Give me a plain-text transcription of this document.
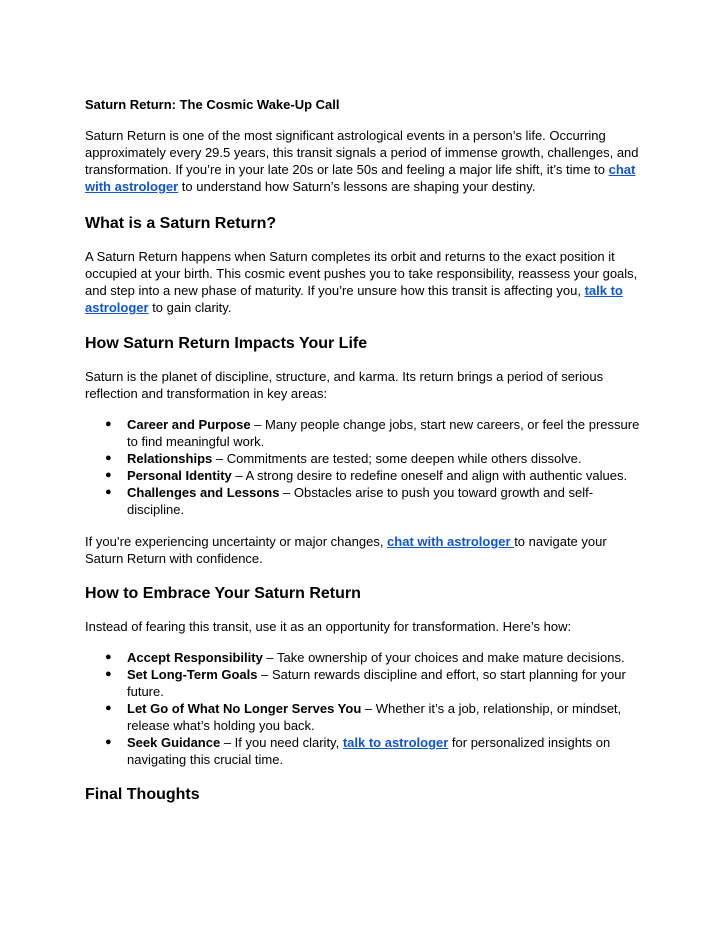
Saturn Return: The Cosmic Wake-Up Call

Saturn Return is one of the most significant astrological events in a person’s life. Occurring approximately every 29.5 years, this transit signals a period of immense growth, challenges, and transformation. If you’re in your late 20s or late 50s and feeling a major life shift, it’s time to chat with astrologer to understand how Saturn’s lessons are shaping your destiny.

What is a Saturn Return?

A Saturn Return happens when Saturn completes its orbit and returns to the exact position it occupied at your birth. This cosmic event pushes you to take responsibility, reassess your goals, and step into a new phase of maturity. If you’re unsure how this transit is affecting you, talk to astrologer to gain clarity.

How Saturn Return Impacts Your Life

Saturn is the planet of discipline, structure, and karma. Its return brings a period of serious reflection and transformation in key areas:

● Career and Purpose – Many people change jobs, start new careers, or feel the pressure to find meaningful work.
● Relationships – Commitments are tested; some deepen while others dissolve.
● Personal Identity – A strong desire to redefine oneself and align with authentic values.
● Challenges and Lessons – Obstacles arise to push you toward growth and self-discipline.

If you’re experiencing uncertainty or major changes, chat with astrologer to navigate your Saturn Return with confidence.

How to Embrace Your Saturn Return

Instead of fearing this transit, use it as an opportunity for transformation. Here’s how:

● Accept Responsibility – Take ownership of your choices and make mature decisions.
● Set Long-Term Goals – Saturn rewards discipline and effort, so start planning for your future.
● Let Go of What No Longer Serves You – Whether it’s a job, relationship, or mindset, release what’s holding you back.
● Seek Guidance – If you need clarity, talk to astrologer for personalized insights on navigating this crucial time.
Final Thoughts
